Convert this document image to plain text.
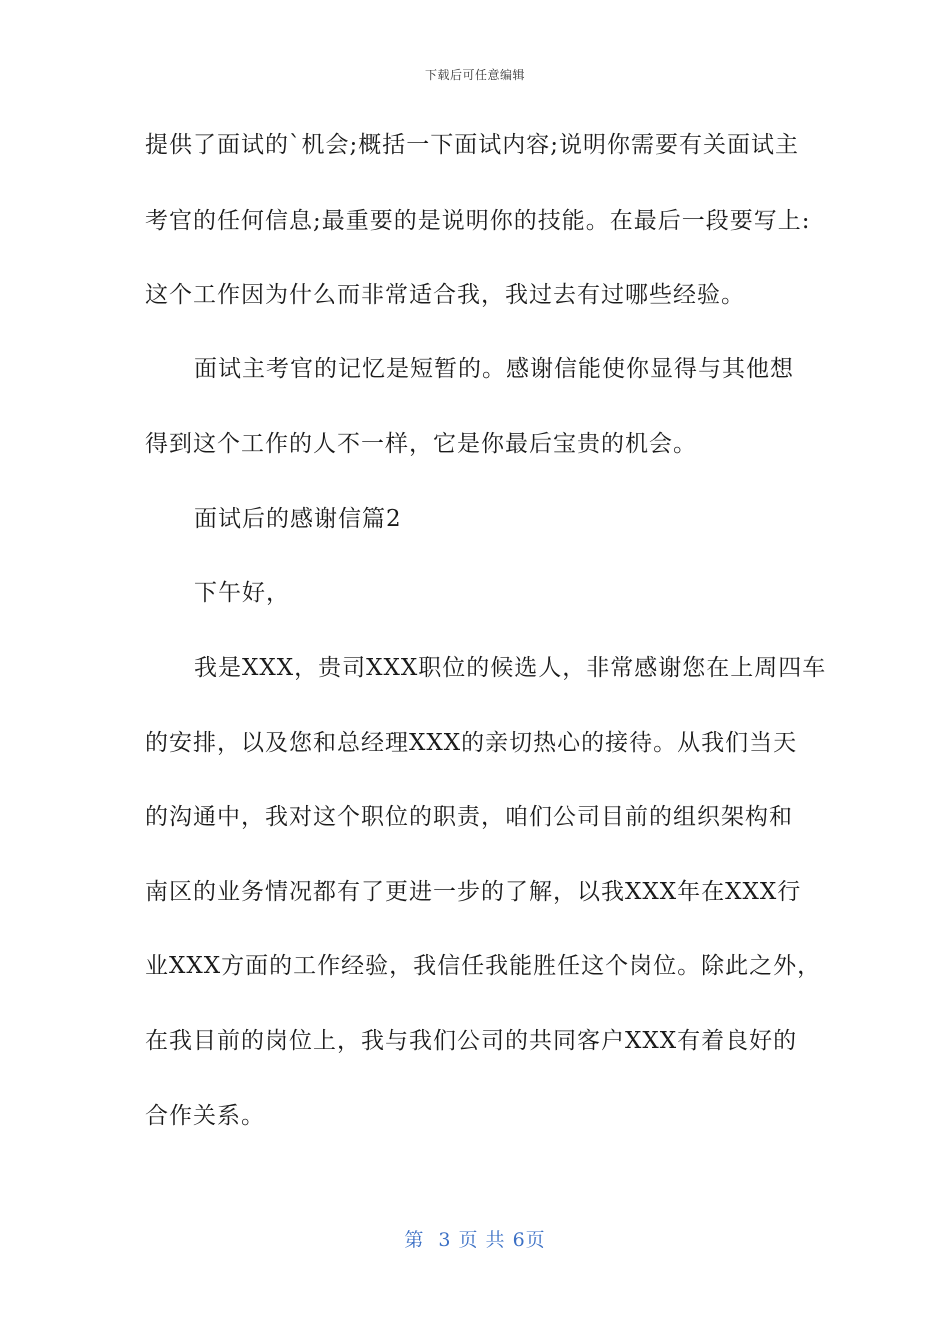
下载后可任意编辑
提供了面试的`机会;概括一下面试内容;说明你需要有关面试主
考官的任何信息;最重要的是说明你的技能。在最后一段要写上:
这个工作因为什么而非常适合我，我过去有过哪些经验。
面试主考官的记忆是短暂的。感谢信能使你显得与其他想
得到这个工作的人不一样，它是你最后宝贵的机会。
面试后的感谢信篇2
下午好，
我是XXX，贵司XXX职位的候选人，非常感谢您在上周四车
的安排，以及您和总经理XXX的亲切热心的接待。从我们当天
的沟通中，我对这个职位的职责，咱们公司目前的组织架构和
南区的业务情况都有了更进一步的了解，以我XXX年在XXX行
业XXX方面的工作经验，我信任我能胜任这个岗位。除此之外，
在我目前的岗位上，我与我们公司的共同客户XXX有着良好的
合作关系。
第  3 页 共 6页
